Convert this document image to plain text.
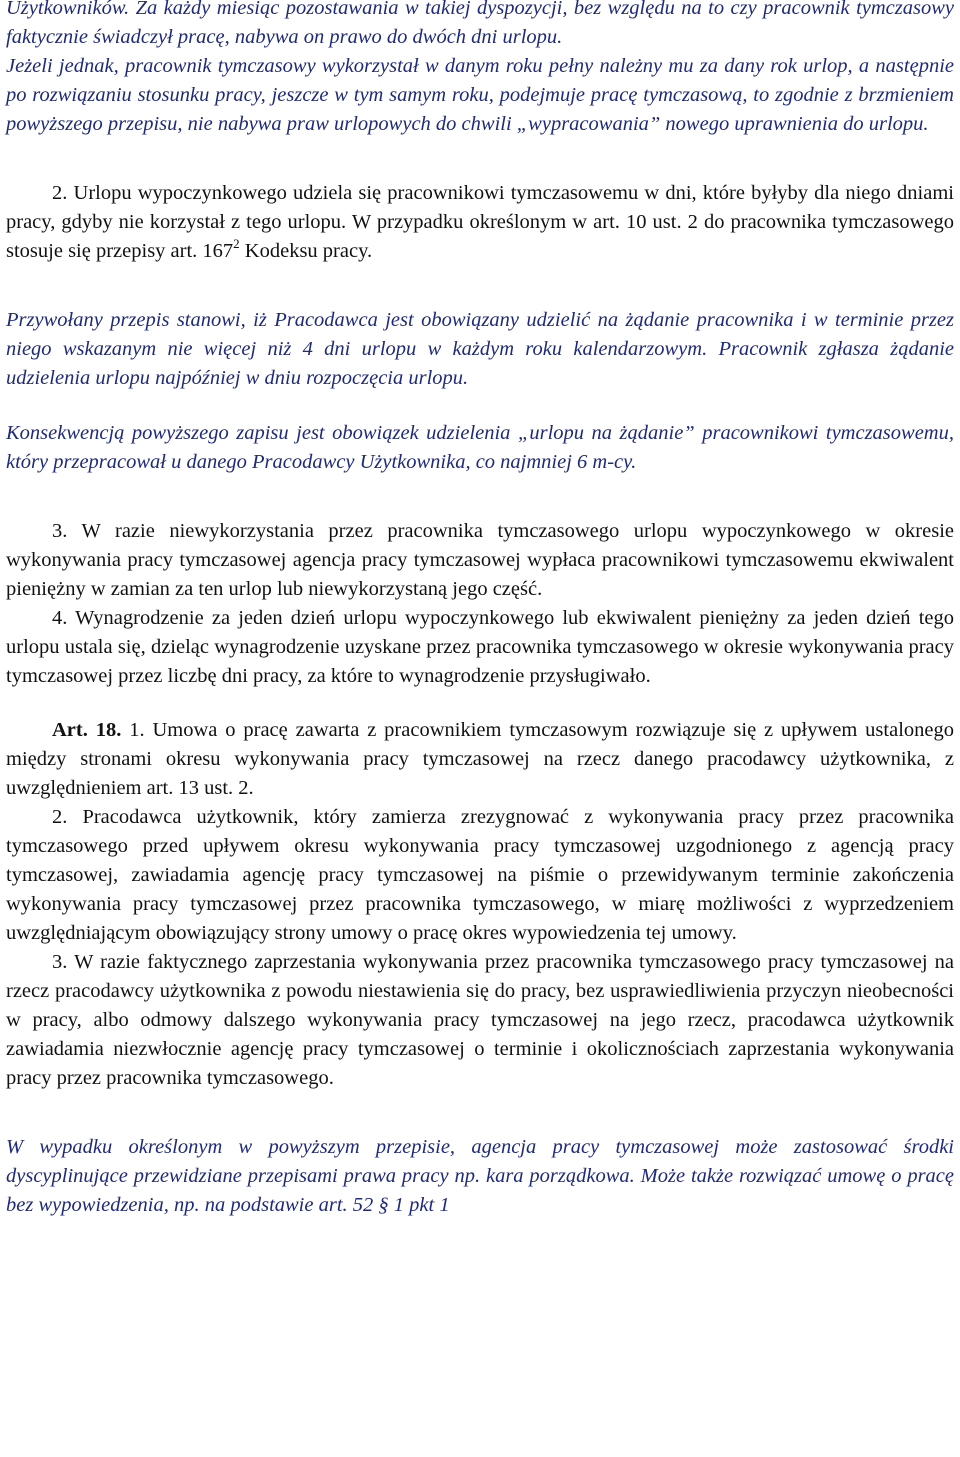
Użytkowników. Za każdy miesiąc pozostawania w takiej dyspozycji, bez względu na to czy pracownik tymczasowy faktycznie świadczył pracę, nabywa on prawo do dwóch dni urlopu.

Jeżeli jednak, pracownik tymczasowy wykorzystał w danym roku pełny należny mu za dany rok urlop, a następnie po rozwiązaniu stosunku pracy, jeszcze w tym samym roku, podejmuje pracę tymczasową, to zgodnie z brzmieniem powyższego przepisu, nie nabywa praw urlopowych do chwili „wypracowania” nowego uprawnienia do urlopu.

2. Urlopu wypoczynkowego udziela się pracownikowi tymczasowemu w dni, które byłyby dla niego dniami pracy, gdyby nie korzystał z tego urlopu. W przypadku określonym w art. 10 ust. 2 do pracownika tymczasowego stosuje się przepisy art. $167^2$ Kodeksu pracy.

Przywołany przepis stanowi, iż Pracodawca jest obowiązany udzielić na żądanie pracownika i w terminie przez niego wskazanym nie więcej niż 4 dni urlopu w każdym roku kalendarzowym. Pracownik zgłasza żądanie udzielenia urlopu najpóźniej w dniu rozpoczęcia urlopu.

Konsekwencją powyższego zapisu jest obowiązek udzielenia „urlopu na żądanie” pracownikowi tymczasowemu, który przepracował u danego Pracodawcy Użytkownika, co najmniej 6 m-cy.

3. W razie niewykorzystania przez pracownika tymczasowego urlopu wypoczynkowego w okresie wykonywania pracy tymczasowej agencja pracy tymczasowej wypłaca pracownikowi tymczasowemu ekwiwalent pieniężny w zamian za ten urlop lub niewykorzystaną jego część.

4. Wynagrodzenie za jeden dzień urlopu wypoczynkowego lub ekwiwalent pieniężny za jeden dzień tego urlopu ustala się, dzieląc wynagrodzenie uzyskane przez pracownika tymczasowego w okresie wykonywania pracy tymczasowej przez liczbę dni pracy, za które to wynagrodzenie przysługiwało.

Art. 18. 1. Umowa o pracę zawarta z pracownikiem tymczasowym rozwiązuje się z upływem ustalonego między stronami okresu wykonywania pracy tymczasowej na rzecz danego pracodawcy użytkownika, z uwzględnieniem art. 13 ust. 2.

2. Pracodawca użytkownik, który zamierza zrezygnować z wykonywania pracy przez pracownika tymczasowego przed upływem okresu wykonywania pracy tymczasowej uzgodnionego z agencją pracy tymczasowej, zawiadamia agencję pracy tymczasowej na piśmie o przewidywanym terminie zakończenia wykonywania pracy tymczasowej przez pracownika tymczasowego, w miarę możliwości z wyprzedzeniem uwzględniającym obowiązujący strony umowy o pracę okres wypowiedzenia tej umowy.

3. W razie faktycznego zaprzestania wykonywania przez pracownika tymczasowego pracy tymczasowej na rzecz pracodawcy użytkownika z powodu niestawienia się do pracy, bez usprawiedliwienia przyczyn nieobecności w pracy, albo odmowy dalszego wykonywania pracy tymczasowej na jego rzecz, pracodawca użytkownik zawiadamia niezwłocznie agencję pracy tymczasowej o terminie i okolicznościach zaprzestania wykonywania pracy przez pracownika tymczasowego.

W wypadku określonym w powyższym przepisie, agencja pracy tymczasowej może zastosować środki dyscyplinujące przewidziane przepisami prawa pracy np. kara porządkowa. Może także rozwiązać umowę o pracę bez wypowiedzenia, np. na podstawie art. 52 § 1 pkt 1
